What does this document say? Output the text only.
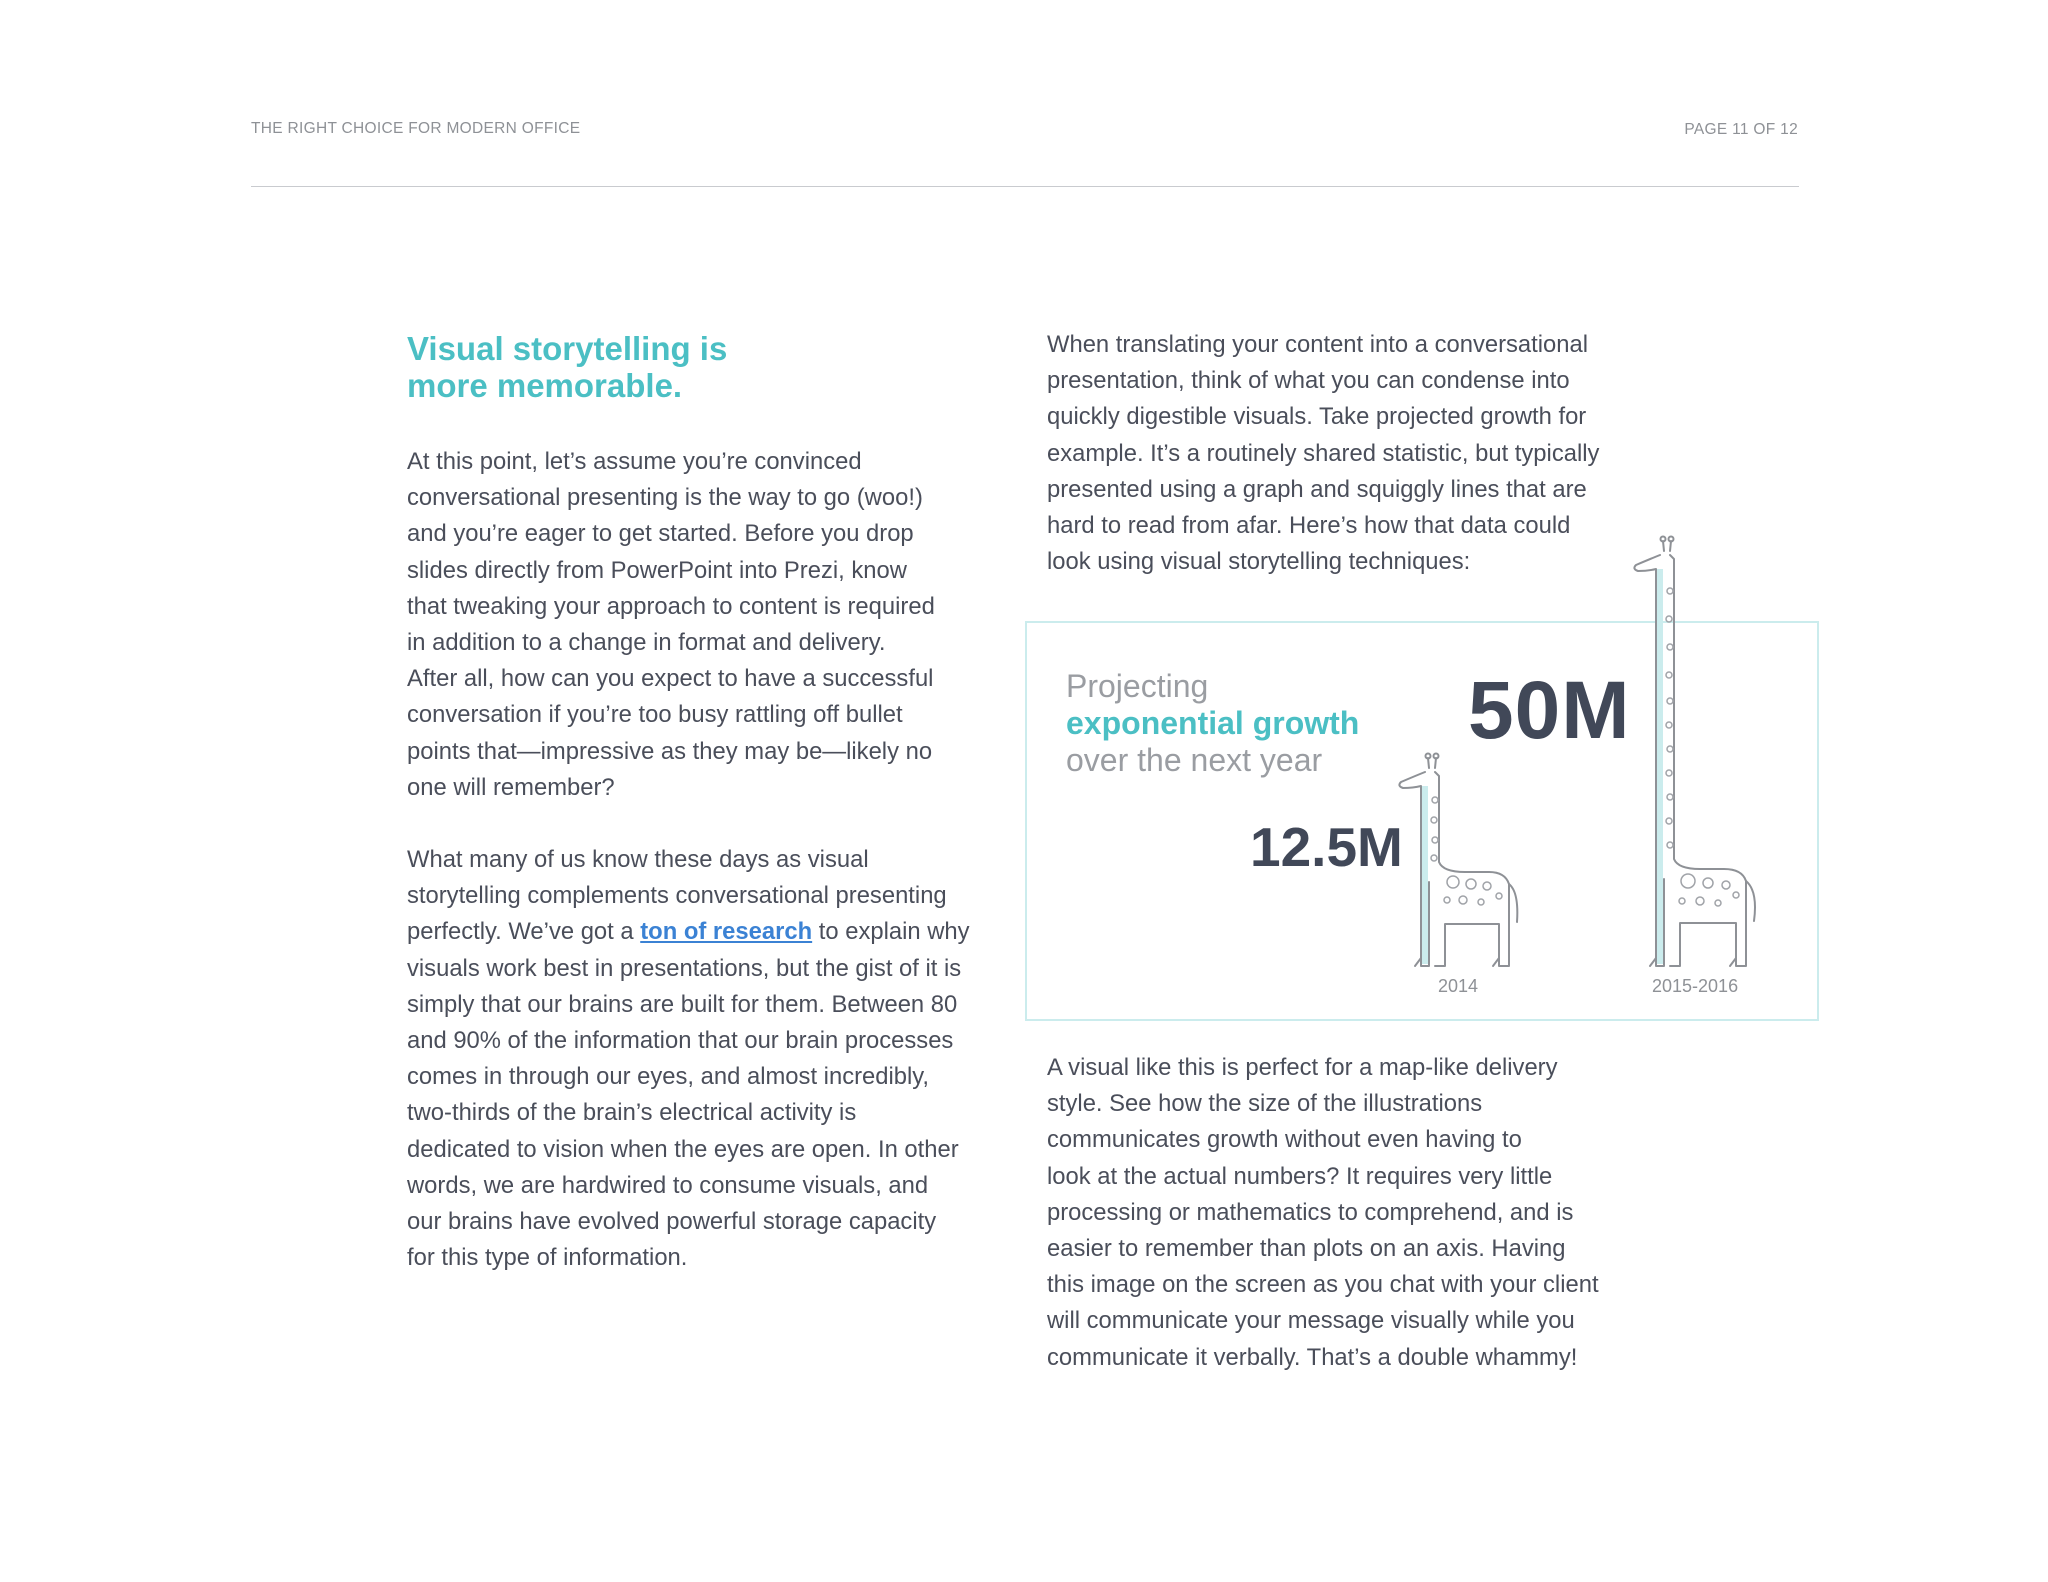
THE RIGHT CHOICE FOR MODERN OFFICE	PAGE 11 OF 12
Visual storytelling is
more memorable.

At this point, let’s assume you’re convinced
conversational presenting is the way to go (woo!)
and you’re eager to get started. Before you drop
slides directly from PowerPoint into Prezi, know
that tweaking your approach to content is required
in addition to a change in format and delivery.
After all, how can you expect to have a successful
conversation if you’re too busy rattling off bullet
points that—impressive as they may be—likely no
one will remember?

What many of us know these days as visual
storytelling complements conversational presenting
perfectly. We’ve got a ton of research to explain why
visuals work best in presentations, but the gist of it is
simply that our brains are built for them. Between 80
and 90% of the information that our brain processes
comes in through our eyes, and almost incredibly,
two-thirds of the brain’s electrical activity is
dedicated to vision when the eyes are open. In other
words, we are hardwired to consume visuals, and
our brains have evolved powerful storage capacity
for this type of information.

When translating your content into a conversational
presentation, think of what you can condense into
quickly digestible visuals. Take projected growth for
example. It’s a routinely shared statistic, but typically
presented using a graph and squiggly lines that are
hard to read from afar. Here’s how that data could
look using visual storytelling techniques:

Projecting
exponential growth
over the next year

12.5M
50M
2014	2015-2016

A visual like this is perfect for a map-like delivery
style. See how the size of the illustrations
communicates growth without even having to
look at the actual numbers? It requires very little
processing or mathematics to comprehend, and is
easier to remember than plots on an axis. Having
this image on the screen as you chat with your client
will communicate your message visually while you
communicate it verbally. That’s a double whammy!
